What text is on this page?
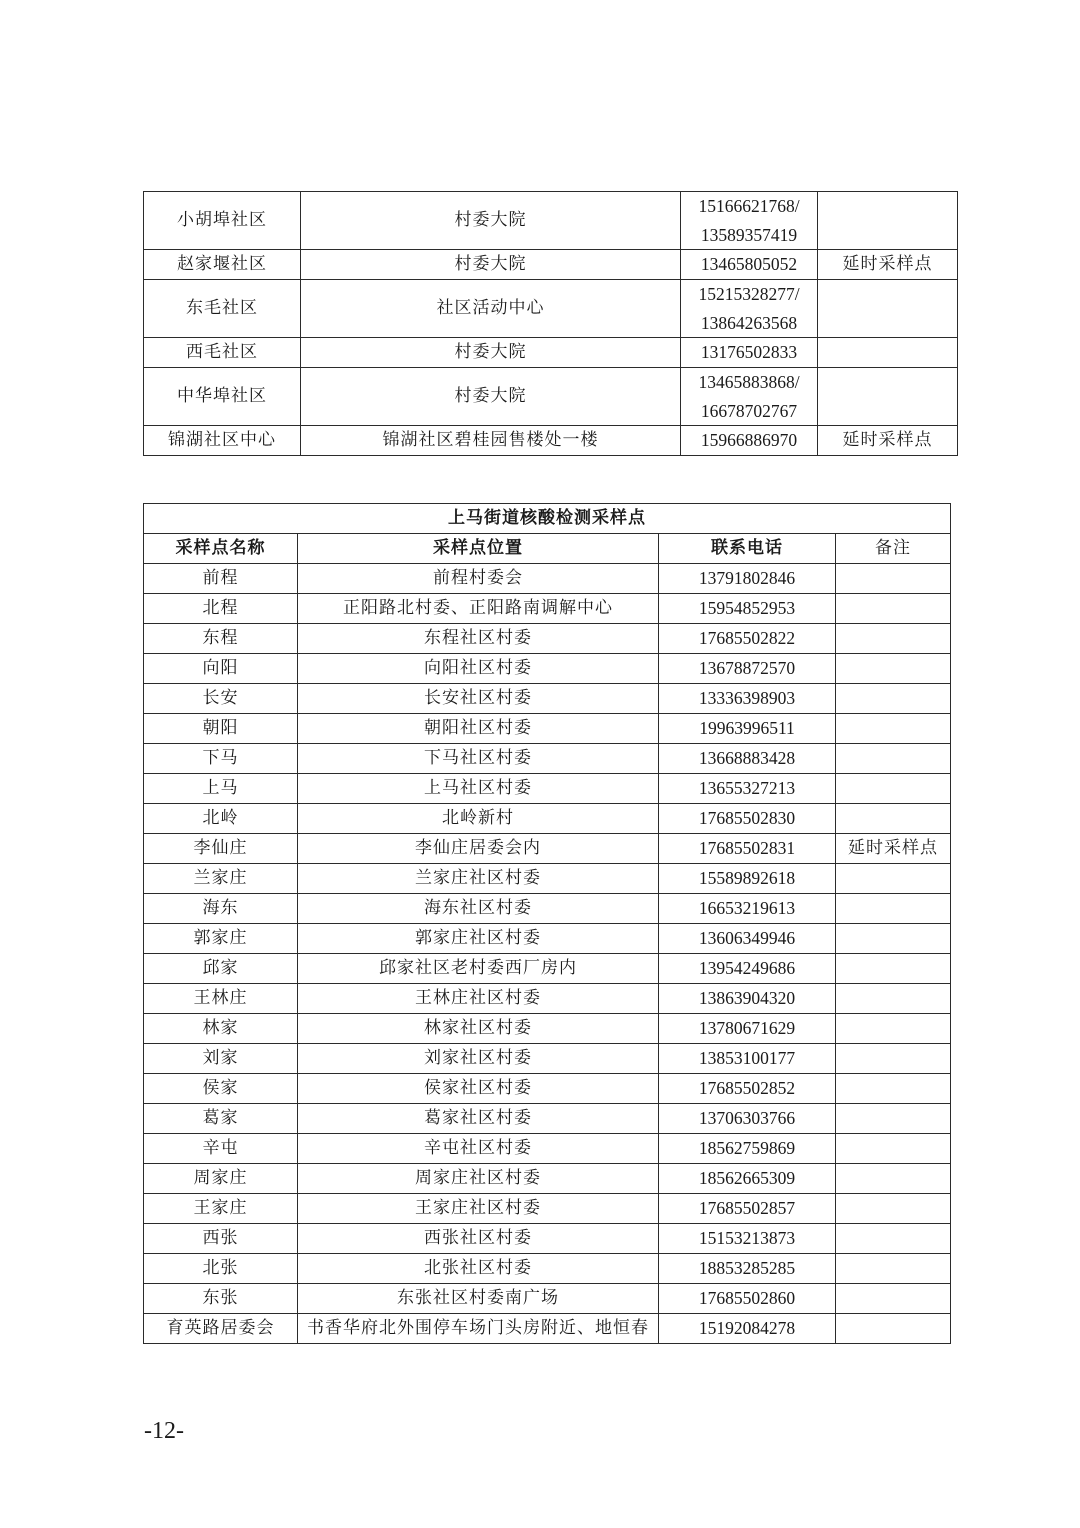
小胡埠社区	村委大院	15166621768/
13589357419	

赵家堰社区	村委大院	13465805052	延时采样点
东毛社区	社区活动中心	15215328277/
13864263568	

西毛社区	村委大院	13176502833	

中华埠社区	村委大院	13465883868/
16678702767	

锦湖社区中心	锦湖社区碧桂园售楼处一楼	15966886970	延时采样点
上马街道核酸检测采样点			
采样点名称	采样点位置	联系电话	备注
前程	前程村委会	13791802846	
北程	正阳路北村委、正阳路南调解中心	15954852953	
东程	东程社区村委	17685502822	
向阳	向阳社区村委	13678872570	
长安	长安社区村委	13336398903	
朝阳	朝阳社区村委	19963996511	
下马	下马社区村委	13668883428	
上马	上马社区村委	13655327213	
北岭	北岭新村	17685502830	
李仙庄	李仙庄居委会内	17685502831	延时采样点
兰家庄	兰家庄社区村委	15589892618	
海东	海东社区村委	16653219613	
郭家庄	郭家庄社区村委	13606349946	
邱家	邱家社区老村委西厂房内	13954249686	
王林庄	王林庄社区村委	13863904320	
林家	林家社区村委	13780671629	
刘家	刘家社区村委	13853100177	
侯家	侯家社区村委	17685502852	
葛家	葛家社区村委	13706303766	
辛屯	辛屯社区村委	18562759869	
周家庄	周家庄社区村委	18562665309	
王家庄	王家庄社区村委	17685502857	
西张	西张社区村委	15153213873	
北张	北张社区村委	18853285285	
东张	东张社区村委南广场	17685502860	
育英路居委会	书香华府北外围停车场门头房附近、地恒春	15192084278	
-12-
